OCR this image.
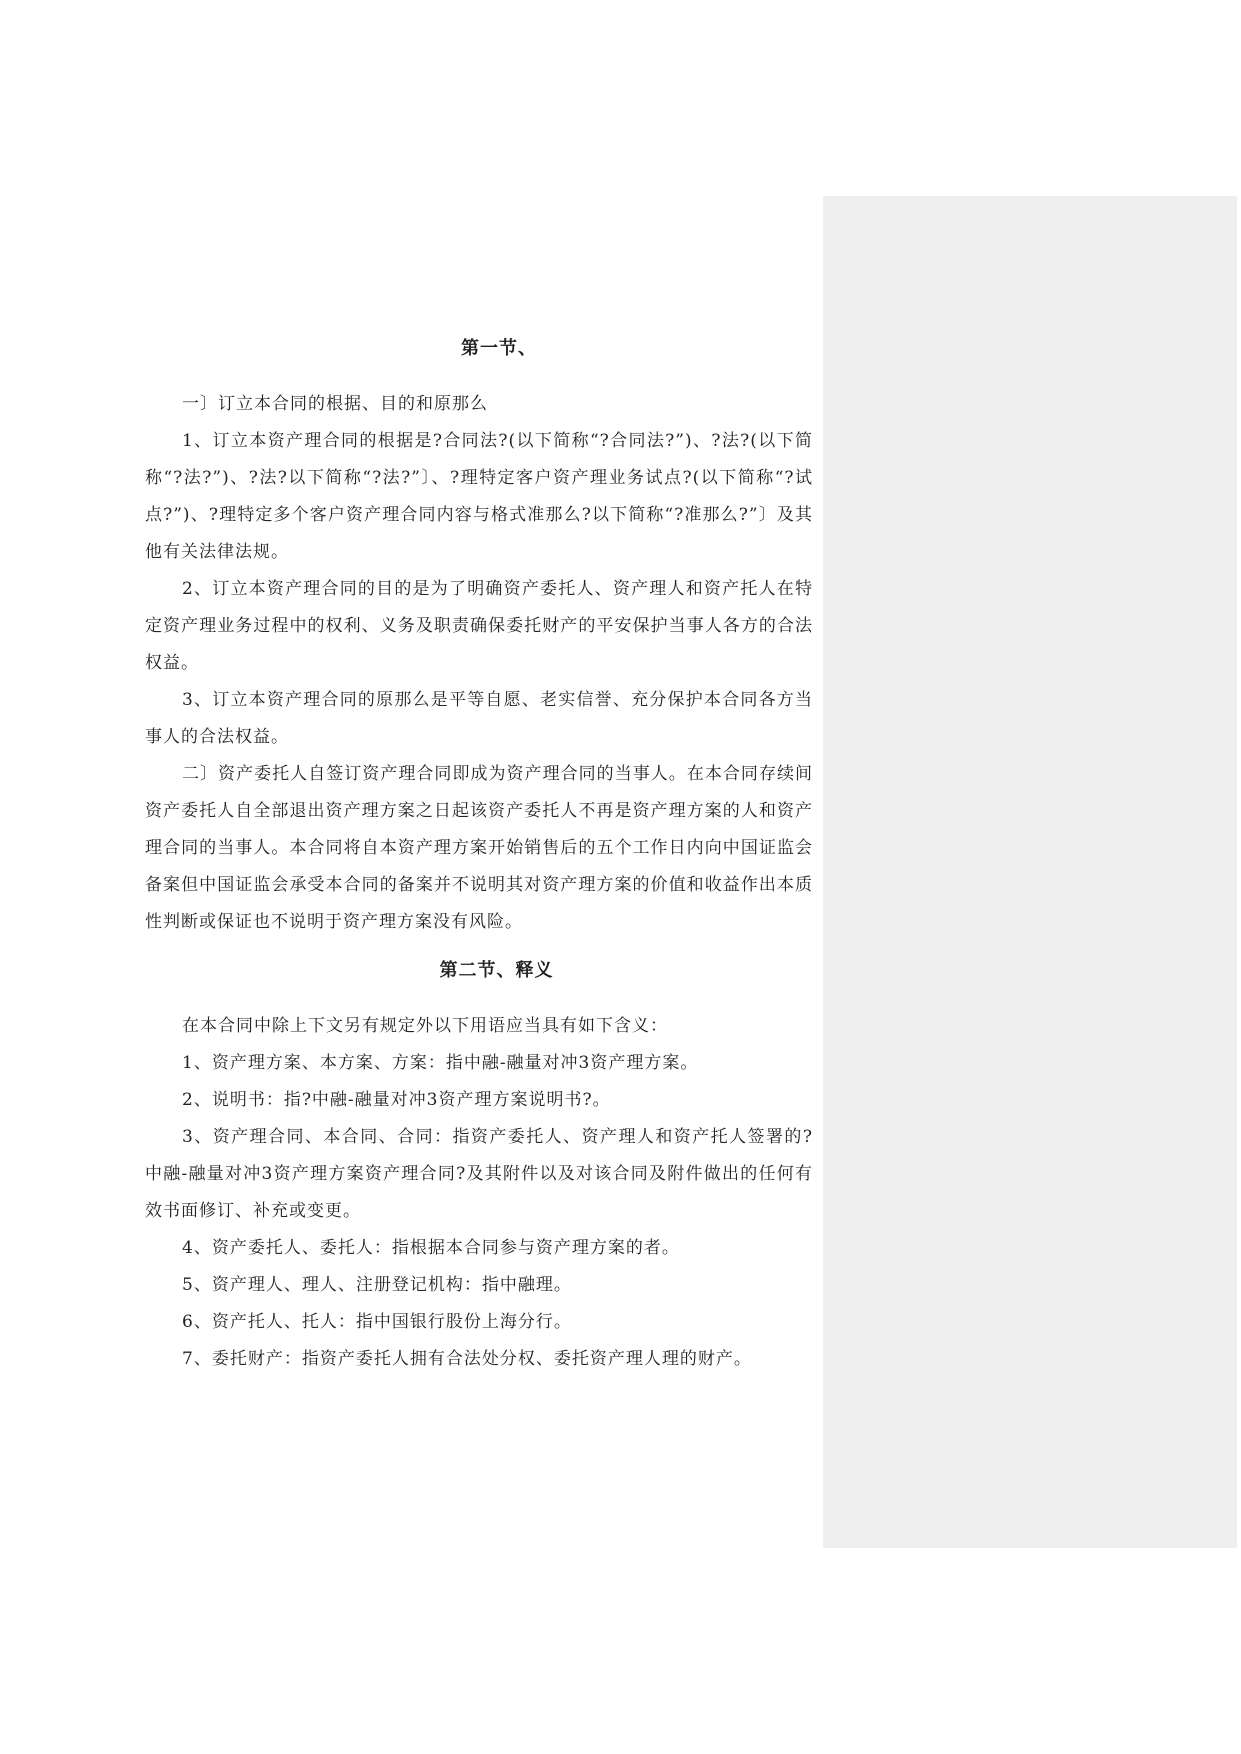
第一节、

一〕订立本合同的根据、目的和原那么

1、订立本资产理合同的根据是?合同法?(以下简称“?合同法?”)、?法?(以下简称“?法?”)、?法?以下简称“?法?”〕、?理特定客户资产理业务试点?(以下简称“?试点?”)、?理特定多个客户资产理合同内容与格式准那么?以下简称“?准那么?”〕及其他有关法律法规。

2、订立本资产理合同的目的是为了明确资产委托人、资产理人和资产托人在特定资产理业务过程中的权利、义务及职责确保委托财产的平安保护当事人各方的合法权益。

3、订立本资产理合同的原那么是平等自愿、老实信誉、充分保护本合同各方当事人的合法权益。

二〕资产委托人自签订资产理合同即成为资产理合同的当事人。在本合同存续间资产委托人自全部退出资产理方案之日起该资产委托人不再是资产理方案的人和资产理合同的当事人。本合同将自本资产理方案开始销售后的五个工作日内向中国证监会备案但中国证监会承受本合同的备案并不说明其对资产理方案的价值和收益作出本质性判断或保证也不说明于资产理方案没有风险。

第二节、释义

在本合同中除上下文另有规定外以下用语应当具有如下含义：

1、资产理方案、本方案、方案：指中融-融量对冲3资产理方案。

2、说明书：指?中融-融量对冲3资产理方案说明书?。

3、资产理合同、本合同、合同：指资产委托人、资产理人和资产托人签署的?中融-融量对冲3资产理方案资产理合同?及其附件以及对该合同及附件做出的任何有效书面修订、补充或变更。

4、资产委托人、委托人：指根据本合同参与资产理方案的者。

5、资产理人、理人、注册登记机构：指中融理。

6、资产托人、托人：指中国银行股份上海分行。

7、委托财产：指资产委托人拥有合法处分权、委托资产理人理的财产。
